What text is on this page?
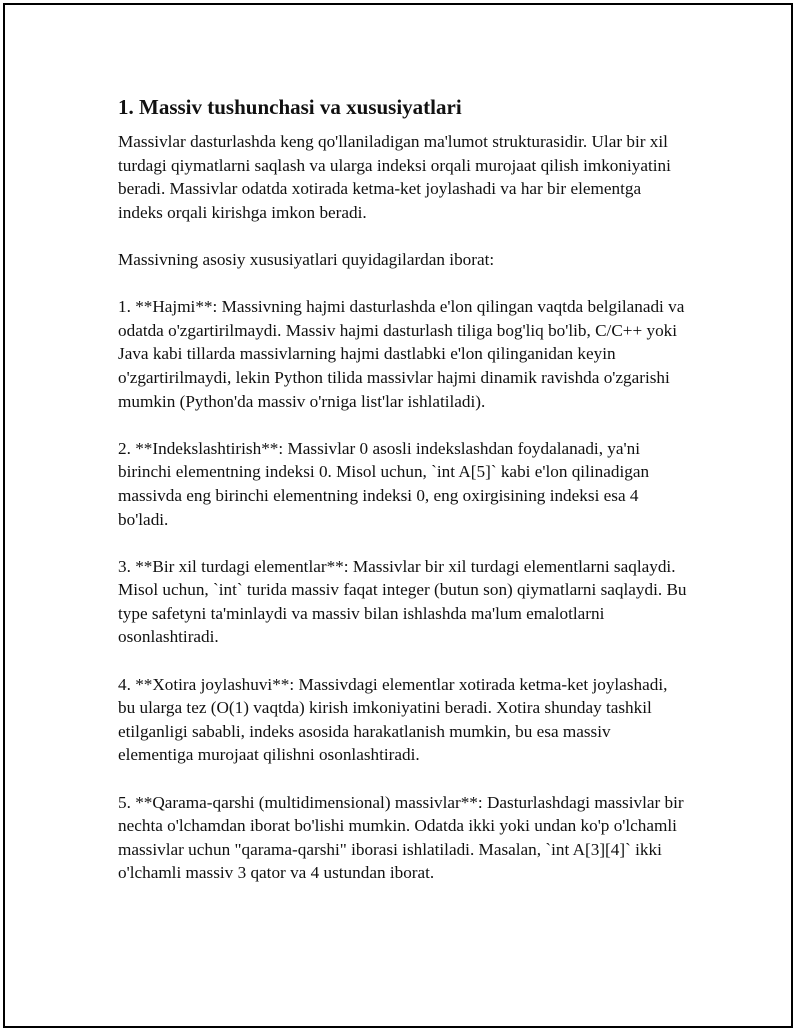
1. Massiv tushunchasi va xususiyatlari

Massivlar dasturlashda keng qo'llaniladigan ma'lumot strukturasidir. Ular bir xil turdagi qiymatlarni saqlash va ularga indeksi orqali murojaat qilish imkoniyatini beradi. Massivlar odatda xotirada ketma-ket joylashadi va har bir elementga indeks orqali kirishga imkon beradi.

Massivning asosiy xususiyatlari quyidagilardan iborat:

1. **Hajmi**: Massivning hajmi dasturlashda e'lon qilingan vaqtda belgilanadi va odatda o'zgartirilmaydi. Massiv hajmi dasturlash tiliga bog'liq bo'lib, C/C++ yoki Java kabi tillarda massivlarning hajmi dastlabki e'lon qilinganidan keyin o'zgartirilmaydi, lekin Python tilida massivlar hajmi dinamik ravishda o'zgarishi mumkin (Python'da massiv o'rniga list'lar ishlatiladi).

2. **Indekslashtirish**: Massivlar 0 asosli indekslashdan foydalanadi, ya'ni birinchi elementning indeksi 0. Misol uchun, `int A[5]` kabi e'lon qilinadigan massivda eng birinchi elementning indeksi 0, eng oxirgisining indeksi esa 4 bo'ladi.

3. **Bir xil turdagi elementlar**: Massivlar bir xil turdagi elementlarni saqlaydi. Misol uchun, `int` turida massiv faqat integer (butun son) qiymatlarni saqlaydi. Bu type safetyni ta'minlaydi va massiv bilan ishlashda ma'lum emalotlarni osonlashtiradi.

4. **Xotira joylashuvi**: Massivdagi elementlar xotirada ketma-ket joylashadi, bu ularga tez (O(1) vaqtda) kirish imkoniyatini beradi. Xotira shunday tashkil etilganligi sababli, indeks asosida harakatlanish mumkin, bu esa massiv elementiga murojaat qilishni osonlashtiradi.

5. **Qarama-qarshi (multidimensional) massivlar**: Dasturlashdagi massivlar bir nechta o'lchamdan iborat bo'lishi mumkin. Odatda ikki yoki undan ko'p o'lchamli massivlar uchun "qarama-qarshi" iborasi ishlatiladi. Masalan, `int A[3][4]` ikki o'lchamli massiv 3 qator va 4 ustundan iborat.
